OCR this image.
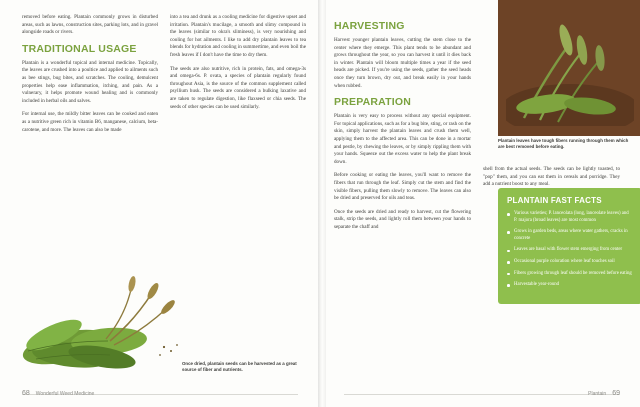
removed before eating. Plantain commonly grows in disturbed areas, such as lawns, construction sites, parking lots, and in gravel alongside roads or rivers.

TRADITIONAL USAGE

Plantain is a wonderful topical and internal medicine. Topically, the leaves are crushed into a poultice and applied to ailments such as bee stings, bug bites, and scratches. The cooling, demulcent properties help ease inflammation, itching, and pain. As a vulnerary, it helps promote wound healing and is commonly included in herbal oils and salves.

For internal use, the mildly bitter leaves can be cooked and eaten as a nutritive green rich in vitamin B6, manganese, calcium, beta-carotene, and more. The leaves can also be made

into a tea and drunk as a cooling medicine for digestive upset and irritation. Plantain's mucilage, a smooth and slimy compound in the leaves (similar to okra's sliminess), is very nourishing and cooling for hot ailments. I like to add dry plantain leaves to tea blends for hydration and cooling in summertime, and even boil the fresh leaves if I don't have the time to dry them.

The seeds are also nutritive, rich in protein, fats, and omega-3s and omega-6s. P. ovata, a species of plantain regularly found throughout Asia, is the source of the common supplement called psyllium husk. The seeds are considered a bulking laxative and are taken to regulate digestion, like flaxseed or chia seeds. The seeds of other species can be used similarly.

Once dried, plantain seeds can be harvested as a great source of fiber and nutrients.
68 Wonderful Weed Medicine
HARVESTING

Harvest younger plantain leaves, cutting the stem close to the center where they emerge. This plant tends to be abundant and grows throughout the year, so you can harvest it until it dies back in winter. Plantain will bloom multiple times a year if the seed heads are picked. If you're using the seeds, gather the seed heads once they turn brown, dry out, and break easily in your hands when rubbed.

PREPARATION

Plantain is very easy to process without any special equipment. For topical applications, such as for a bug bite, sting, or rash on the skin, simply harvest the plantain leaves and crush them well, applying them to the affected area. This can be done in a mortar and pestle, by chewing the leaves, or by simply rippling them with your hands. Squeeze out the excess water to help the plant break down.

Before cooking or eating the leaves, you'll want to remove the fibers that run through the leaf. Simply cut the stem and find the visible fibers, pulling them slowly to remove. The leaves can also be dried and preserved for oils and teas.

Once the seeds are dried and ready to harvest, cut the flowering stalk, strip the seeds, and lightly roll them between your hands to separate the chaff and

shell from the actual seeds. The seeds can be lightly toasted, to "pop" them, and you can eat them in cereals and porridge. They add a nutrient boost to any meal.

Plantain leaves have tough fibers running through them which are best removed before eating.
PLANTAIN FAST FACTS
Various varieties; P. lanceolata (long, lanceolate leaves) and P. majora (broad leaves) are most common
Grows in garden beds, areas where water gathers, cracks in concrete
Leaves are basal with flower stem emerging from center
Occasional purple coloration where leaf touches soil
Fibers growing through leaf should be removed before eating
Harvestable year-round
Plantain 69
